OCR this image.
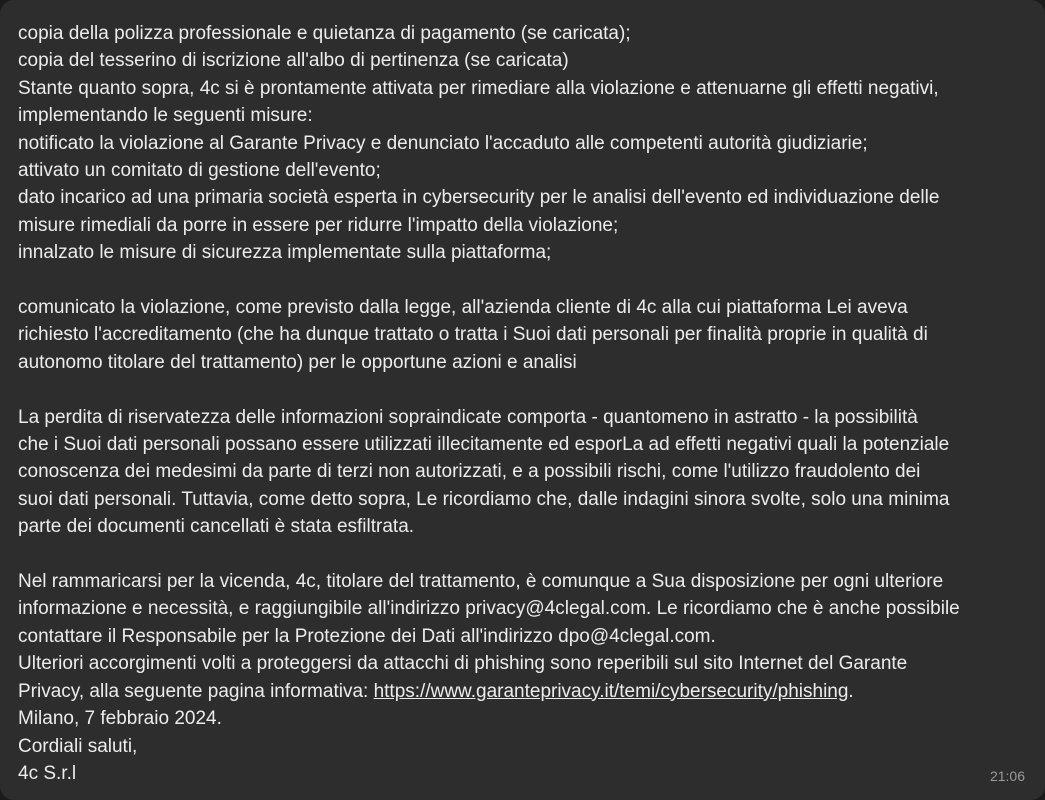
copia della polizza professionale e quietanza di pagamento (se caricata);
copia del tesserino di iscrizione all'albo di pertinenza (se caricata)
Stante quanto sopra, 4c si è prontamente attivata per rimediare alla violazione e attenuarne gli effetti negativi,
implementando le seguenti misure:
notificato la violazione al Garante Privacy e denunciato l'accaduto alle competenti autorità giudiziarie;
attivato un comitato di gestione dell'evento;
dato incarico ad una primaria società esperta in cybersecurity per le analisi dell'evento ed individuazione delle
misure rimediali da porre in essere per ridurre l'impatto della violazione;
innalzato le misure di sicurezza implementate sulla piattaforma;
comunicato la violazione, come previsto dalla legge, all'azienda cliente di 4c alla cui piattaforma Lei aveva
richiesto l'accreditamento (che ha dunque trattato o tratta i Suoi dati personali per finalità proprie in qualità di
autonomo titolare del trattamento) per le opportune azioni e analisi
La perdita di riservatezza delle informazioni sopraindicate comporta - quantomeno in astratto - la possibilità
che i Suoi dati personali possano essere utilizzati illecitamente ed esporLa ad effetti negativi quali la potenziale
conoscenza dei medesimi da parte di terzi non autorizzati, e a possibili rischi, come l'utilizzo fraudolento dei
suoi dati personali. Tuttavia, come detto sopra, Le ricordiamo che, dalle indagini sinora svolte, solo una minima
parte dei documenti cancellati è stata esfiltrata.
Nel rammaricarsi per la vicenda, 4c, titolare del trattamento, è comunque a Sua disposizione per ogni ulteriore
informazione e necessità, e raggiungibile all'indirizzo privacy@4clegal.com. Le ricordiamo che è anche possibile
contattare il Responsabile per la Protezione dei Dati all'indirizzo dpo@4clegal.com.
Ulteriori accorgimenti volti a proteggersi da attacchi di phishing sono reperibili sul sito Internet del Garante
Privacy, alla seguente pagina informativa: https://www.garanteprivacy.it/temi/cybersecurity/phishing.
Milano, 7 febbraio 2024.
Cordiali saluti,
4c S.r.l	21:06
